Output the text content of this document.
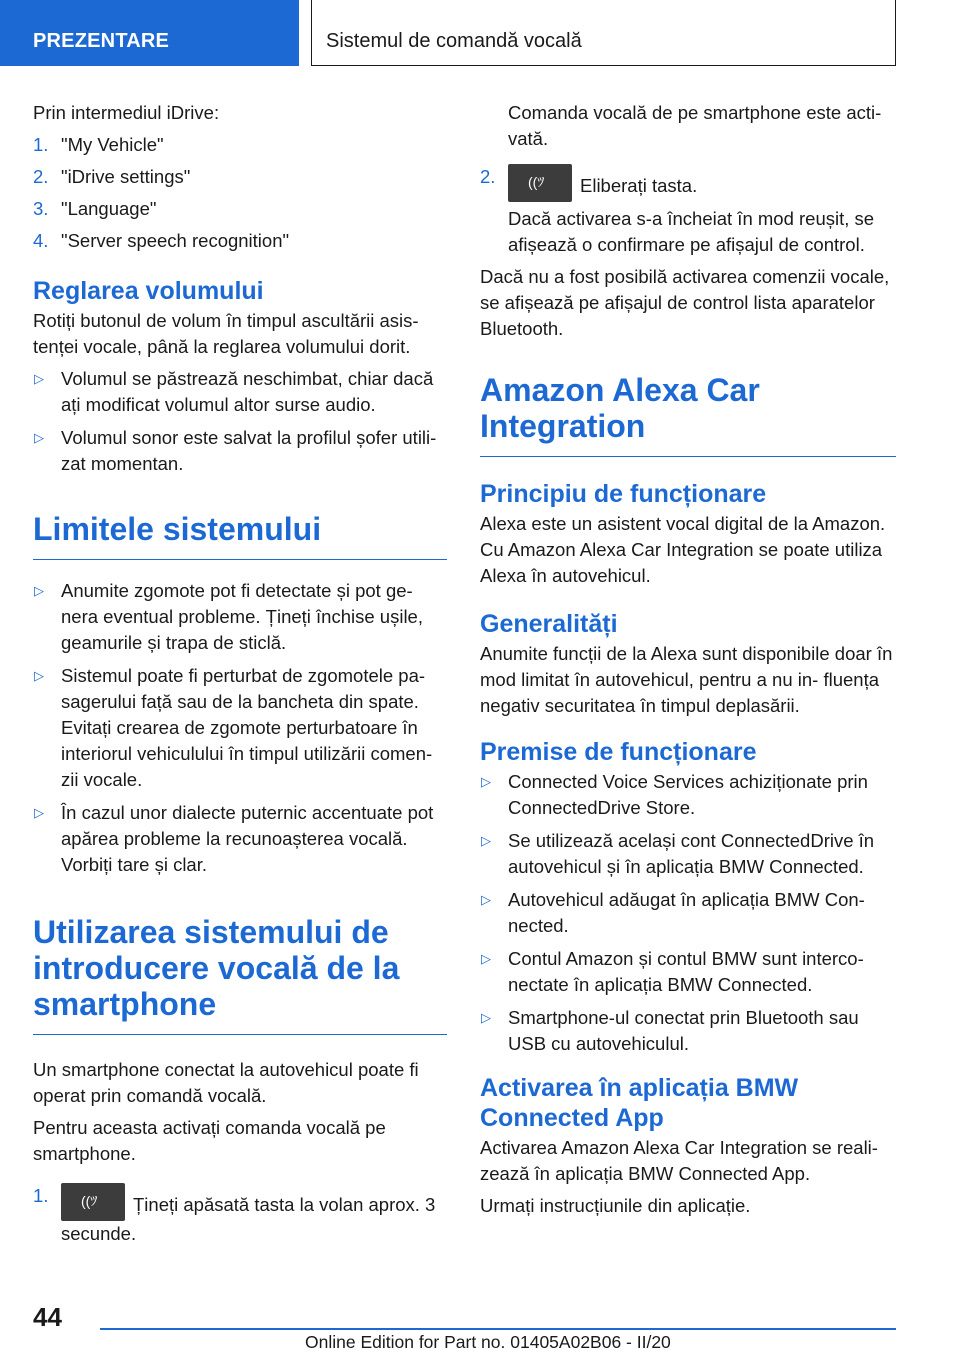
PREZENTARE	Sistemul de comandă vocală

Prin intermediul iDrive:

1. "My Vehicle"
2. "iDrive settings"
3. "Language"
4. "Server speech recognition"
Reglarea volumului

Rotiți butonul de volum în timpul ascultării asis- tenței vocale, până la reglarea volumului dorit.

▷ Volumul se păstrează neschimbat, chiar dacă ați modificat volumul altor surse audio.
▷ Volumul sonor este salvat la profilul șofer utili- zat momentan.
Limitele sistemului
▷ Anumite zgomote pot fi detectate și pot ge- nera eventual probleme. Țineți închise ușile, geamurile și trapa de sticlă.
▷ Sistemul poate fi perturbat de zgomotele pa- sagerului față sau de la bancheta din spate. Evitați crearea de zgomote perturbatoare în interiorul vehiculului în timpul utilizării comen- zii vocale.
▷ În cazul unor dialecte puternic accentuate pot apărea probleme la recunoașterea vocală. Vorbiți tare și clar.
Utilizarea sistemului de introducere vocală de la smartphone

Un smartphone conectat la autovehicul poate fi operat prin comandă vocală.

Pentru aceasta activați comanda vocală pe smartphone.

1. ((ﾂ Țineți apăsată tasta la volan aprox. 3 secunde.

Comanda vocală de pe smartphone este acti- vată.

2. ((ﾂ Eliberați tasta.
Dacă activarea s-a încheiat în mod reușit, se afișează o confirmare pe afișajul de control.

Dacă nu a fost posibilă activarea comenzii vocale, se afișează pe afișajul de control lista aparatelor Bluetooth.

Amazon Alexa Car Integration
Principiu de funcționare

Alexa este un asistent vocal digital de la Amazon. Cu Amazon Alexa Car Integration se poate utiliza Alexa în autovehicul.

Generalități

Anumite funcții de la Alexa sunt disponibile doar în mod limitat în autovehicul, pentru a nu in- fluența negativ securitatea în timpul deplasării.

Premise de funcționare
▷ Connected Voice Services achiziționate prin ConnectedDrive Store.
▷ Se utilizează același cont ConnectedDrive în autovehicul și în aplicația BMW Connected.
▷ Autovehicul adăugat în aplicația BMW Con- nected.
▷ Contul Amazon și contul BMW sunt interco- nectate în aplicația BMW Connected.
▷ Smartphone-ul conectat prin Bluetooth sau USB cu autovehiculul.
Activarea în aplicația BMW Connected App

Activarea Amazon Alexa Car Integration se reali- zează în aplicația BMW Connected App.

Urmați instrucțiunile din aplicație.

44
Online Edition for Part no. 01405A02B06 - II/20
